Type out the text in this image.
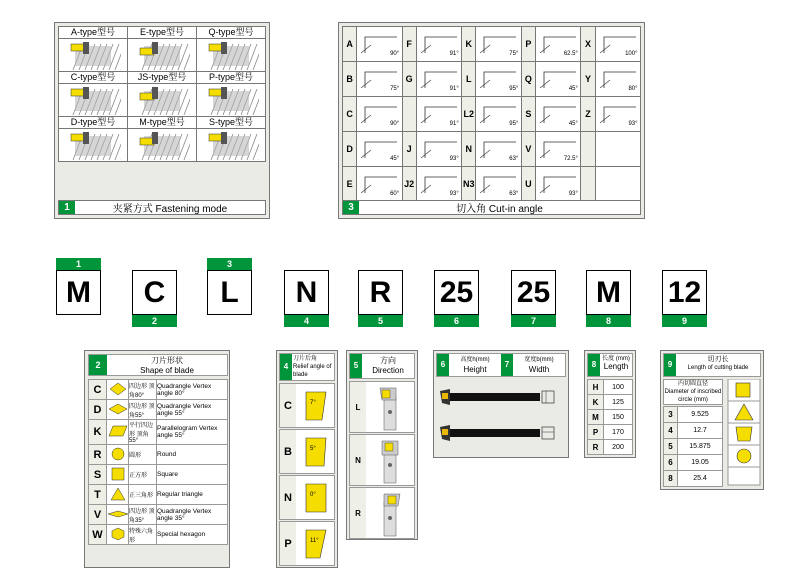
A-type型号	E-type型号	Q-type型号

C-type型号	JS-type型号	P-type型号

D-type型号	M-type型号	S-type型号

1	夹紧方式 Fastening mode
A	90°	F	91°	K	75°	P	62.5°	X	100°

B	75°	G	91°	L	95°	Q	45°	Y	80°

C	90°		91°	L2	95°	S	45°	Z	93°

D	45°	J	93°	N	63°	V	72.5°		

E	60°	J2	93°	N3	63°	U	93°		

3	切入角 Cut-in angle
1
M	C
2
3
L	N
4
R
5
25
6
25
7
M
8
12
9
2	刀片形状
Shape of blade
C		四边形 顶角80°	Quadrangle Vertex angle 80°
D		四边形 顶角55°	Quadrangle Vertex angle 55°
K		平行四边形 顶角55°	Parallelogram Vertex angle 55°
R		圆形	Round
S		正方形	Square
T		正三角形	Regular triangle
V		四边形 顶角35°	Quadrangle Vertex angle 35°
W		特殊六角形	Special hexagon
4
刀片后角
Relief angle of blade
C	7°
B	5°
N	0°
P	11°
5
方向
Direction
L
N
R
6	高度h(mm)
Height
7	宽度b(mm)
Width
8
长度 (mm)
Length
H	100
K	125
M	150
P	170
R	200
9
切刃长
Length of cutting blade
内切圆直径
Diameter of inscribed circle (mm)
3	9.525
4	12.7
5	15.875
6	19.05
8	25.4
